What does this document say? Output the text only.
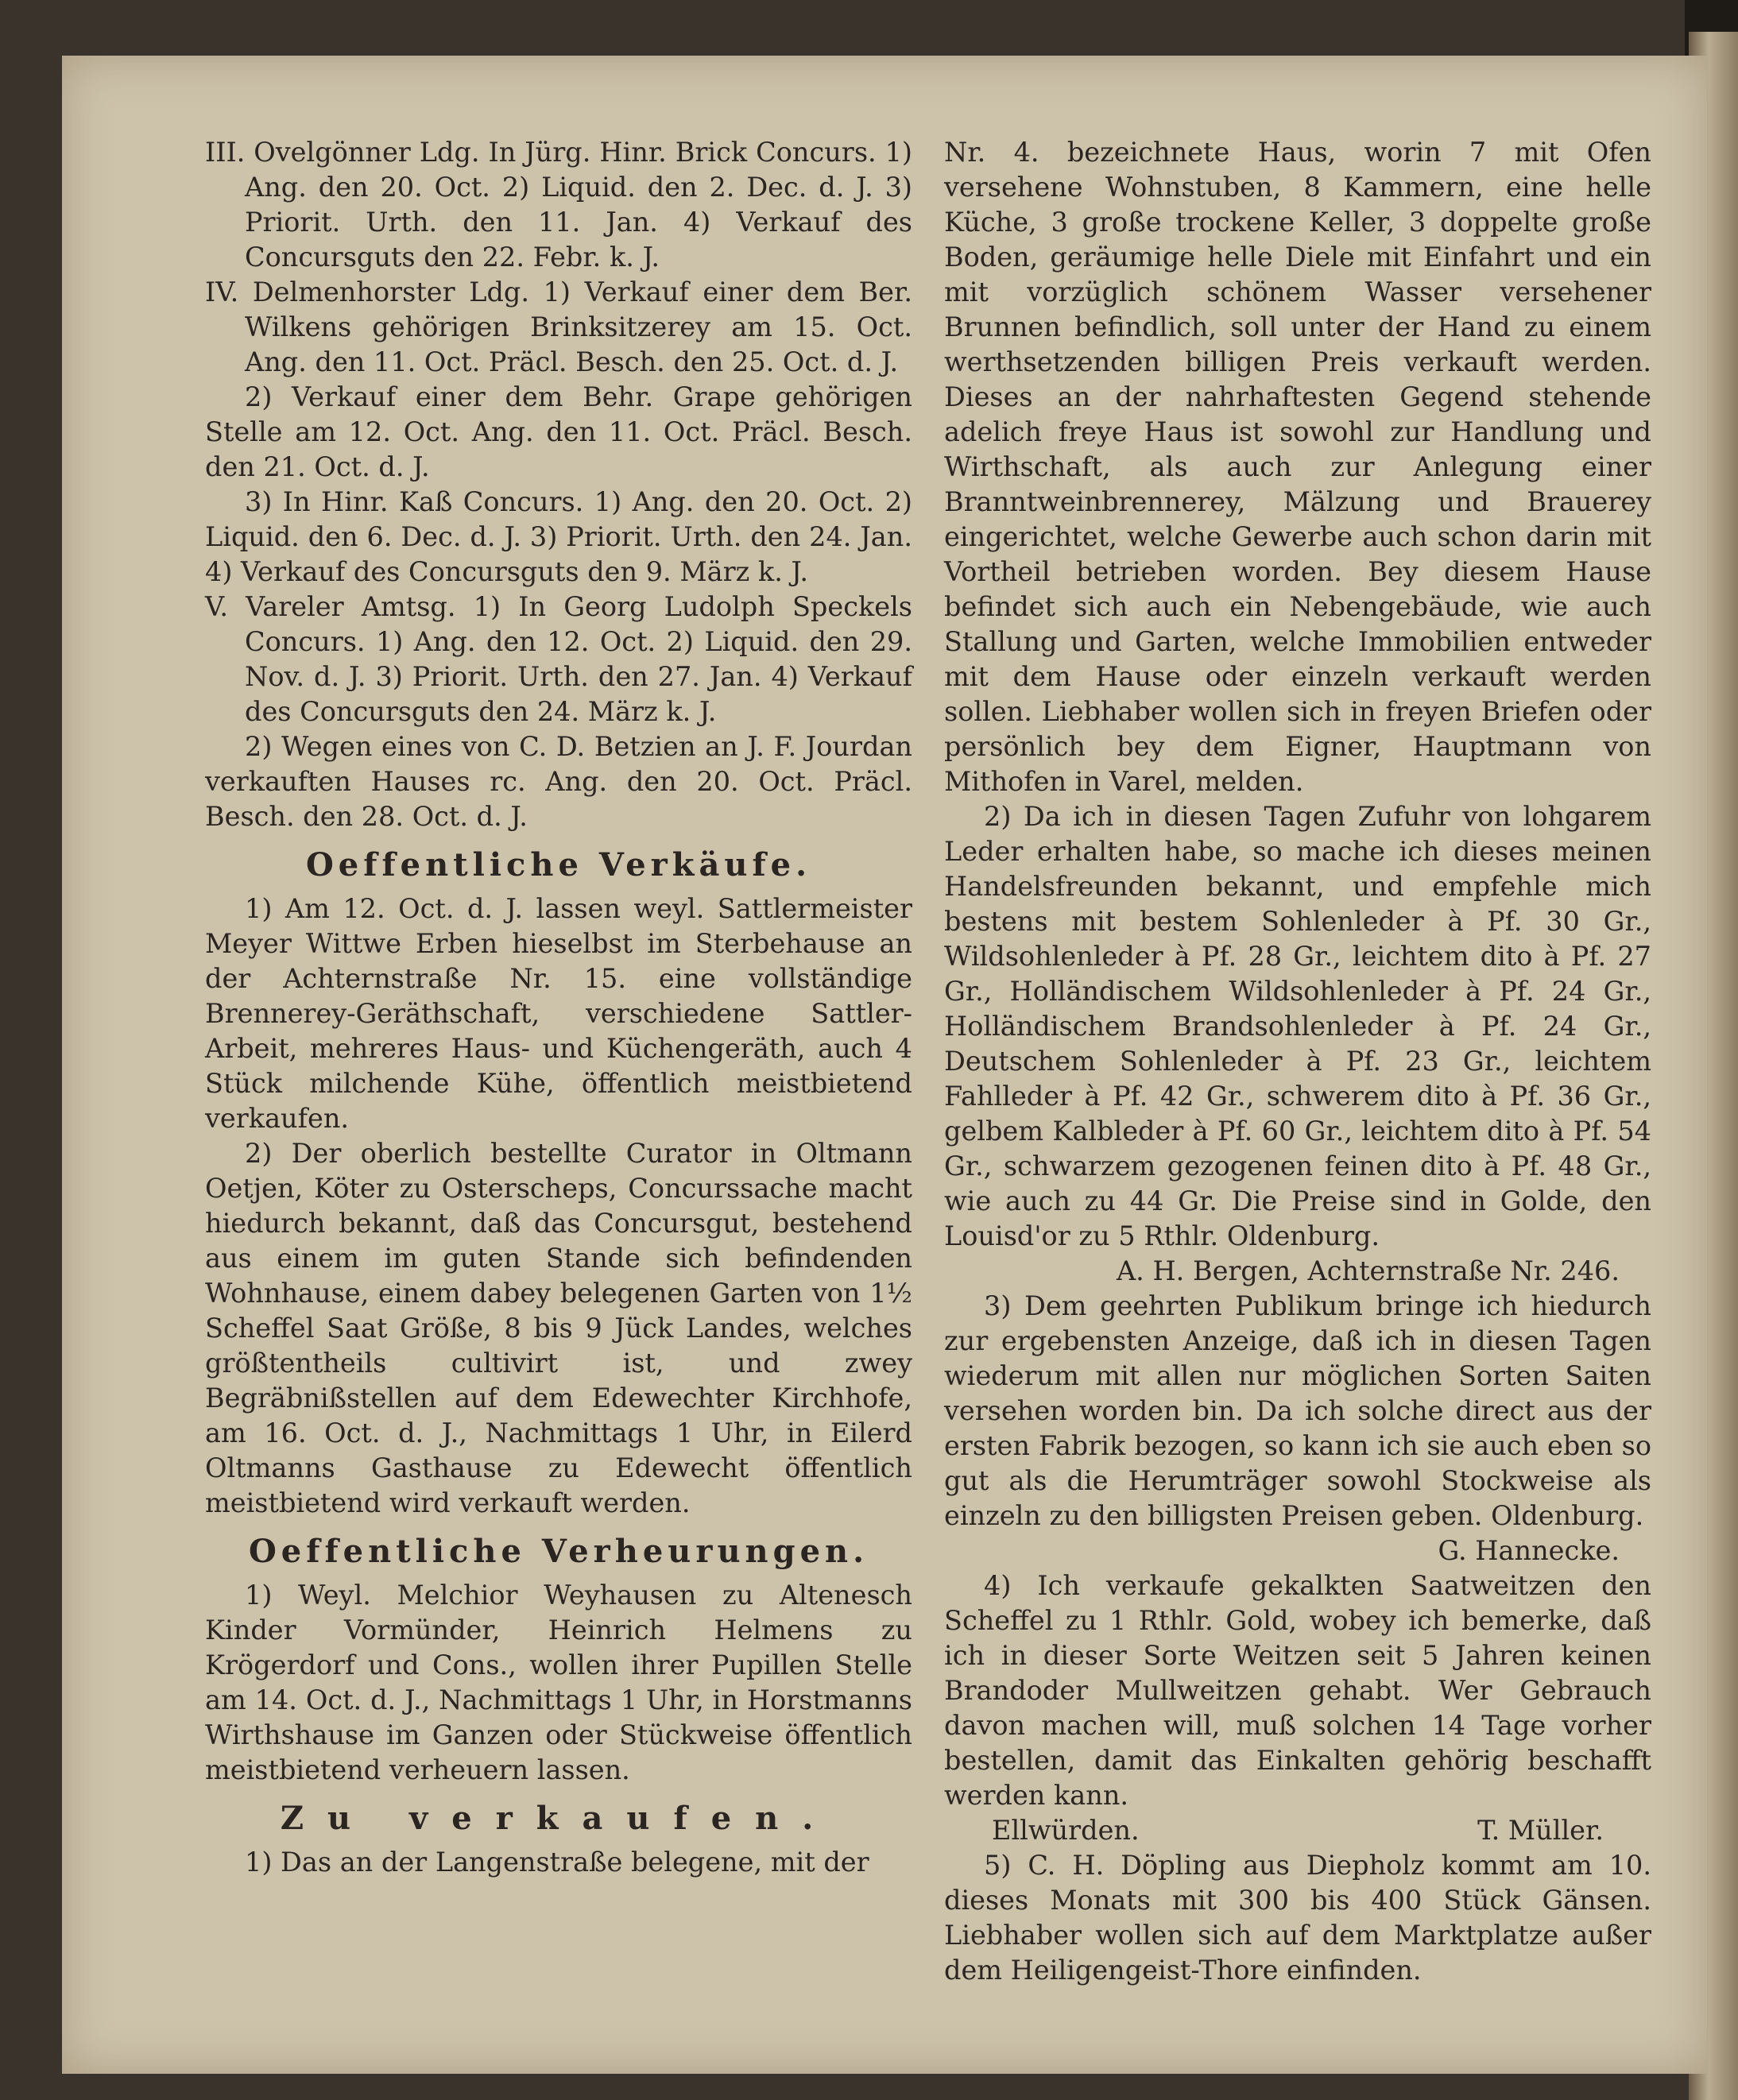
III. Ovelgönner Ldg. In Jürg. Hinr. Brick Concurs. 1) Ang. den 20. Oct. 2) Liquid. den 2. Dec. d. J. 3) Priorit. Urth. den 11. Jan. 4) Verkauf des Concursguts den 22. Febr. k. J.

IV. Delmenhorster Ldg. 1) Verkauf einer dem Ber. Wilkens gehörigen Brinksitzerey am 15. Oct. Ang. den 11. Oct. Präcl. Besch. den 25. Oct. d. J.

2) Verkauf einer dem Behr. Grape gehörigen Stelle am 12. Oct. Ang. den 11. Oct. Präcl. Besch. den 21. Oct. d. J.

3) In Hinr. Kaß Concurs. 1) Ang. den 20. Oct. 2) Liquid. den 6. Dec. d. J. 3) Priorit. Urth. den 24. Jan. 4) Verkauf des Concursguts den 9. März k. J.

V. Vareler Amtsg. 1) In Georg Ludolph Speckels Concurs. 1) Ang. den 12. Oct. 2) Liquid. den 29. Nov. d. J. 3) Priorit. Urth. den 27. Jan. 4) Verkauf des Concursguts den 24. März k. J.

2) Wegen eines von C. D. Betzien an J. F. Jourdan verkauften Hauses rc. Ang. den 20. Oct. Präcl. Besch. den 28. Oct. d. J.

Oeffentliche Verkäufe.

1) Am 12. Oct. d. J. lassen weyl. Sattlermeister Meyer Wittwe Erben hieselbst im Sterbehause an der Achternstraße Nr. 15. eine vollständige Brennerey-Geräthschaft, verschiedene Sattler-Arbeit, mehreres Haus- und Küchengeräth, auch 4 Stück milchende Kühe, öffentlich meistbietend verkaufen.

2) Der oberlich bestellte Curator in Oltmann Oetjen, Köter zu Osterscheps, Concurssache macht hiedurch bekannt, daß das Concursgut, bestehend aus einem im guten Stande sich befindenden Wohnhause, einem dabey belegenen Garten von 1½ Scheffel Saat Größe, 8 bis 9 Jück Landes, welches größtentheils cultivirt ist, und zwey Begräbnißstellen auf dem Edewechter Kirchhofe, am 16. Oct. d. J., Nachmittags 1 Uhr, in Eilerd Oltmanns Gasthause zu Edewecht öffentlich meistbietend wird verkauft werden.

Oeffentliche Verheurungen.

1) Weyl. Melchior Weyhausen zu Altenesch Kinder Vormünder, Heinrich Helmens zu Krögerdorf und Cons., wollen ihrer Pupillen Stelle am 14. Oct. d. J., Nachmittags 1 Uhr, in Horstmanns Wirthshause im Ganzen oder Stückweise öffentlich meistbietend verheuern lassen.

Zu verkaufen.

1) Das an der Langenstraße belegene, mit der

Nr. 4. bezeichnete Haus, worin 7 mit Ofen versehene Wohnstuben, 8 Kammern, eine helle Küche, 3 große trockene Keller, 3 doppelte große Boden, geräumige helle Diele mit Einfahrt und ein mit vorzüglich schönem Wasser versehener Brunnen befindlich, soll unter der Hand zu einem werthsetzenden billigen Preis verkauft werden. Dieses an der nahrhaftesten Gegend stehende adelich freye Haus ist sowohl zur Handlung und Wirthschaft, als auch zur Anlegung einer Branntweinbrennerey, Mälzung und Brauerey eingerichtet, welche Gewerbe auch schon darin mit Vortheil betrieben worden. Bey diesem Hause befindet sich auch ein Nebengebäude, wie auch Stallung und Garten, welche Immobilien entweder mit dem Hause oder einzeln verkauft werden sollen. Liebhaber wollen sich in freyen Briefen oder persönlich bey dem Eigner, Hauptmann von Mithofen in Varel, melden.

2) Da ich in diesen Tagen Zufuhr von lohgarem Leder erhalten habe, so mache ich dieses meinen Handelsfreunden bekannt, und empfehle mich bestens mit bestem Sohlenleder à Pf. 30 Gr., Wildsohlenleder à Pf. 28 Gr., leichtem dito à Pf. 27 Gr., Holländischem Wildsohlenleder à Pf. 24 Gr., Holländischem Brandsohlenleder à Pf. 24 Gr., Deutschem Sohlenleder à Pf. 23 Gr., leichtem Fahlleder à Pf. 42 Gr., schwerem dito à Pf. 36 Gr., gelbem Kalbleder à Pf. 60 Gr., leichtem dito à Pf. 54 Gr., schwarzem gezogenen feinen dito à Pf. 48 Gr., wie auch zu 44 Gr. Die Preise sind in Golde, den Louisd'or zu 5 Rthlr. Oldenburg.

A. H. Bergen, Achternstraße Nr. 246.

3) Dem geehrten Publikum bringe ich hiedurch zur ergebensten Anzeige, daß ich in diesen Tagen wiederum mit allen nur möglichen Sorten Saiten versehen worden bin. Da ich solche direct aus der ersten Fabrik bezogen, so kann ich sie auch eben so gut als die Herumträger sowohl Stockweise als einzeln zu den billigsten Preisen geben. Oldenburg.

G. Hannecke.

4) Ich verkaufe gekalkten Saatweitzen den Scheffel zu 1 Rthlr. Gold, wobey ich bemerke, daß ich in dieser Sorte Weitzen seit 5 Jahren keinen Brandoder Mullweitzen gehabt. Wer Gebrauch davon machen will, muß solchen 14 Tage vorher bestellen, damit das Einkalten gehörig beschafft werden kann.

Ellwürden.	T. Müller.

5) C. H. Döpling aus Diepholz kommt am 10. dieses Monats mit 300 bis 400 Stück Gänsen. Liebhaber wollen sich auf dem Marktplatze außer dem Heiligengeist-Thore einfinden.
